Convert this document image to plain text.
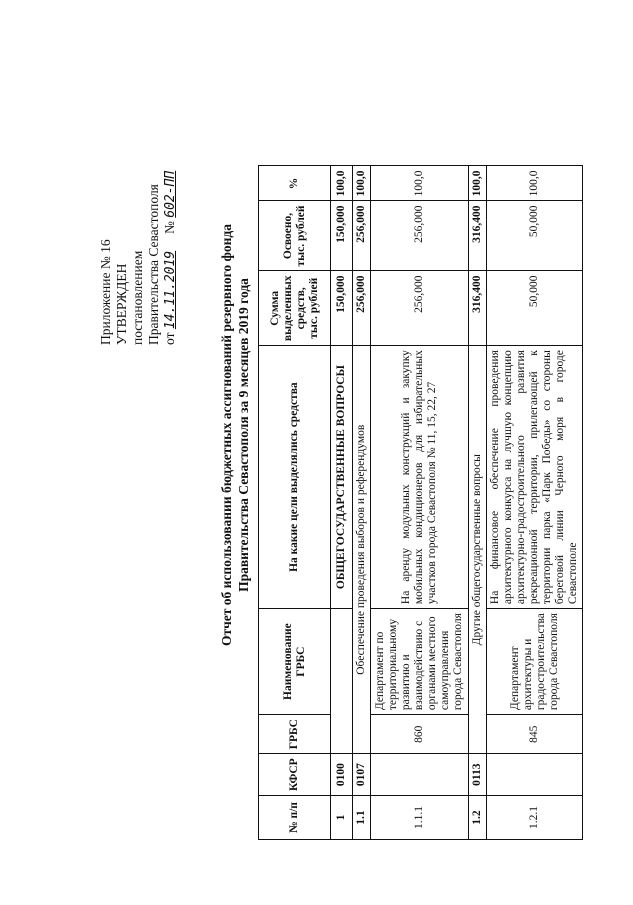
Приложение № 16 УТВЕРЖДЕН постановлением Правительства Севастополя от 14.11.2019     № 602-ПП
Отчет об использовании бюджетных ассигнований резервного фонда Правительства Севастополя за 9 месяцев 2019 года
№ п/п	КФСР	ГРБС	Наименование ГРБС	На какие цели выделялись средства	Сумма выделенных средств, тыс. рублей	Освоено, тыс. рублей	%
1	0100			ОБЩЕГОСУДАРСТВЕННЫЕ ВОПРОСЫ	150,000	150,000	100,0
1.1	0107	Обеспечение проведения выборов и референдумов			256,000	256,000	100,0
1.1.1		860	Департамент по территориальному развитию и взаимодействию с органами местного самоуправления города Севастополя	На аренду модульных конструкций и закупку мобильных кондиционеров для избирательных участков города Севастополя № 11, 15, 22, 27	256,000	256,000	100,0
1.2	0113	Другие общегосударственные вопросы			316,400	316,400	100,0
1.2.1		845	Департамент архитектуры и градостроительства города Севастополя	На финансовое обеспечение проведения архитектурного конкурса на лучшую концепцию архитектурно-градостроительного развития рекреационной территории, прилегающей к территории парка «Парк Победы» со стороны береговой линии Черного моря в городе Севастополе	50,000	50,000	100,0
